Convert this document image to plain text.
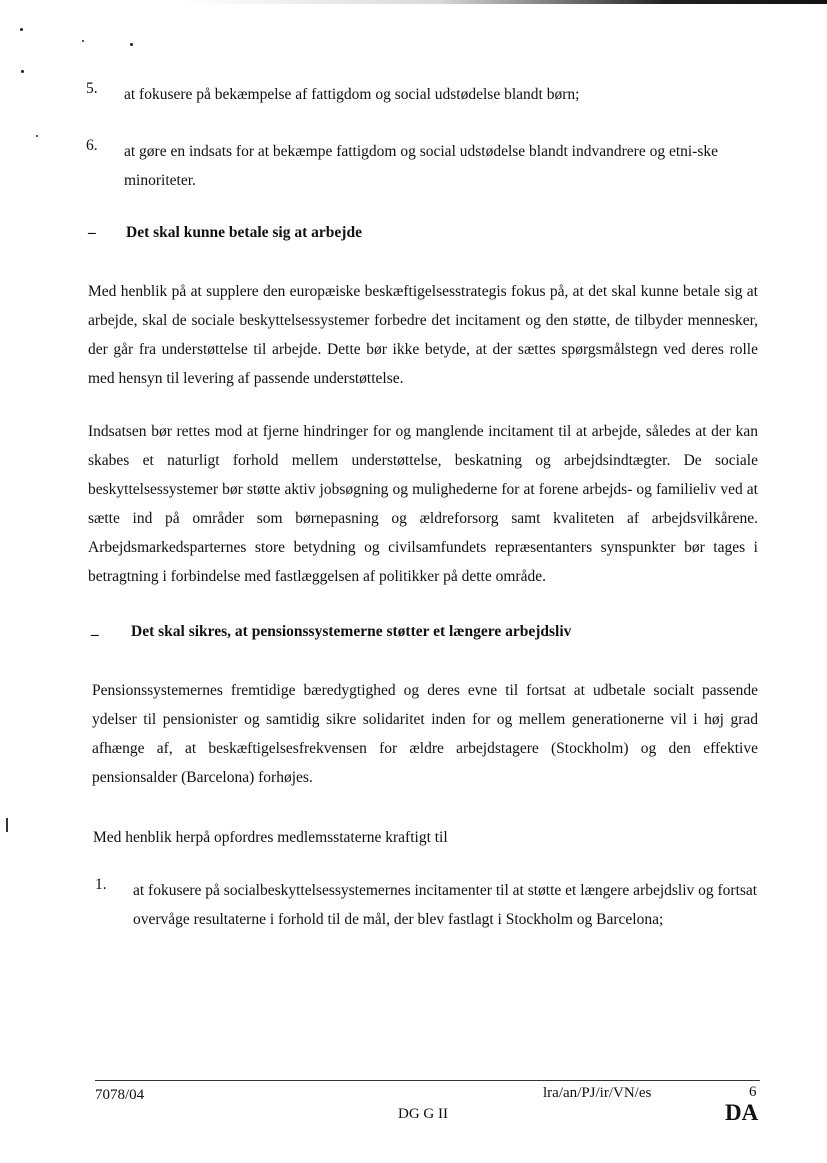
5. at fokusere på bekæmpelse af fattigdom og social udstødelse blandt børn;
6. at gøre en indsats for at bekæmpe fattigdom og social udstødelse blandt indvandrere og etni-ske minoriteter.
– Det skal kunne betale sig at arbejde
Med henblik på at supplere den europæiske beskæftigelsesstrategis fokus på, at det skal kunne betale sig at arbejde, skal de sociale beskyttelsessystemer forbedre det incitament og den støtte, de tilbyder mennesker, der går fra understøttelse til arbejde. Dette bør ikke betyde, at der sættes spørgsmålstegn ved deres rolle med hensyn til levering af passende understøttelse.
Indsatsen bør rettes mod at fjerne hindringer for og manglende incitament til at arbejde, således at der kan skabes et naturligt forhold mellem understøttelse, beskatning og arbejdsindtægter. De sociale beskyttelsessystemer bør støtte aktiv jobsøgning og mulighederne for at forene arbejds- og familieliv ved at sætte ind på områder som børnepasning og ældreforsorg samt kvaliteten af arbejdsvilkårene. Arbejdsmarkedsparternes store betydning og civilsamfundets repræsentanters synspunkter bør tages i betragtning i forbindelse med fastlæggelsen af politikker på dette område.
– Det skal sikres, at pensionssystemerne støtter et længere arbejdsliv
Pensionssystemernes fremtidige bæredygtighed og deres evne til fortsat at udbetale socialt passende ydelser til pensionister og samtidig sikre solidaritet inden for og mellem generationerne vil i høj grad afhænge af, at beskæftigelsesfrekvensen for ældre arbejdstagere (Stockholm) og den effektive pensionsalder (Barcelona) forhøjes.
Med henblik herpå opfordres medlemsstaterne kraftigt til
1. at fokusere på socialbeskyttelsessystemernes incitamenter til at støtte et længere arbejdsliv og fortsat overvåge resultaterne i forhold til de mål, der blev fastlagt i Stockholm og Barcelona;
7078/04	lra/an/PJ/ir/VN/es	6
DG G II	DA
